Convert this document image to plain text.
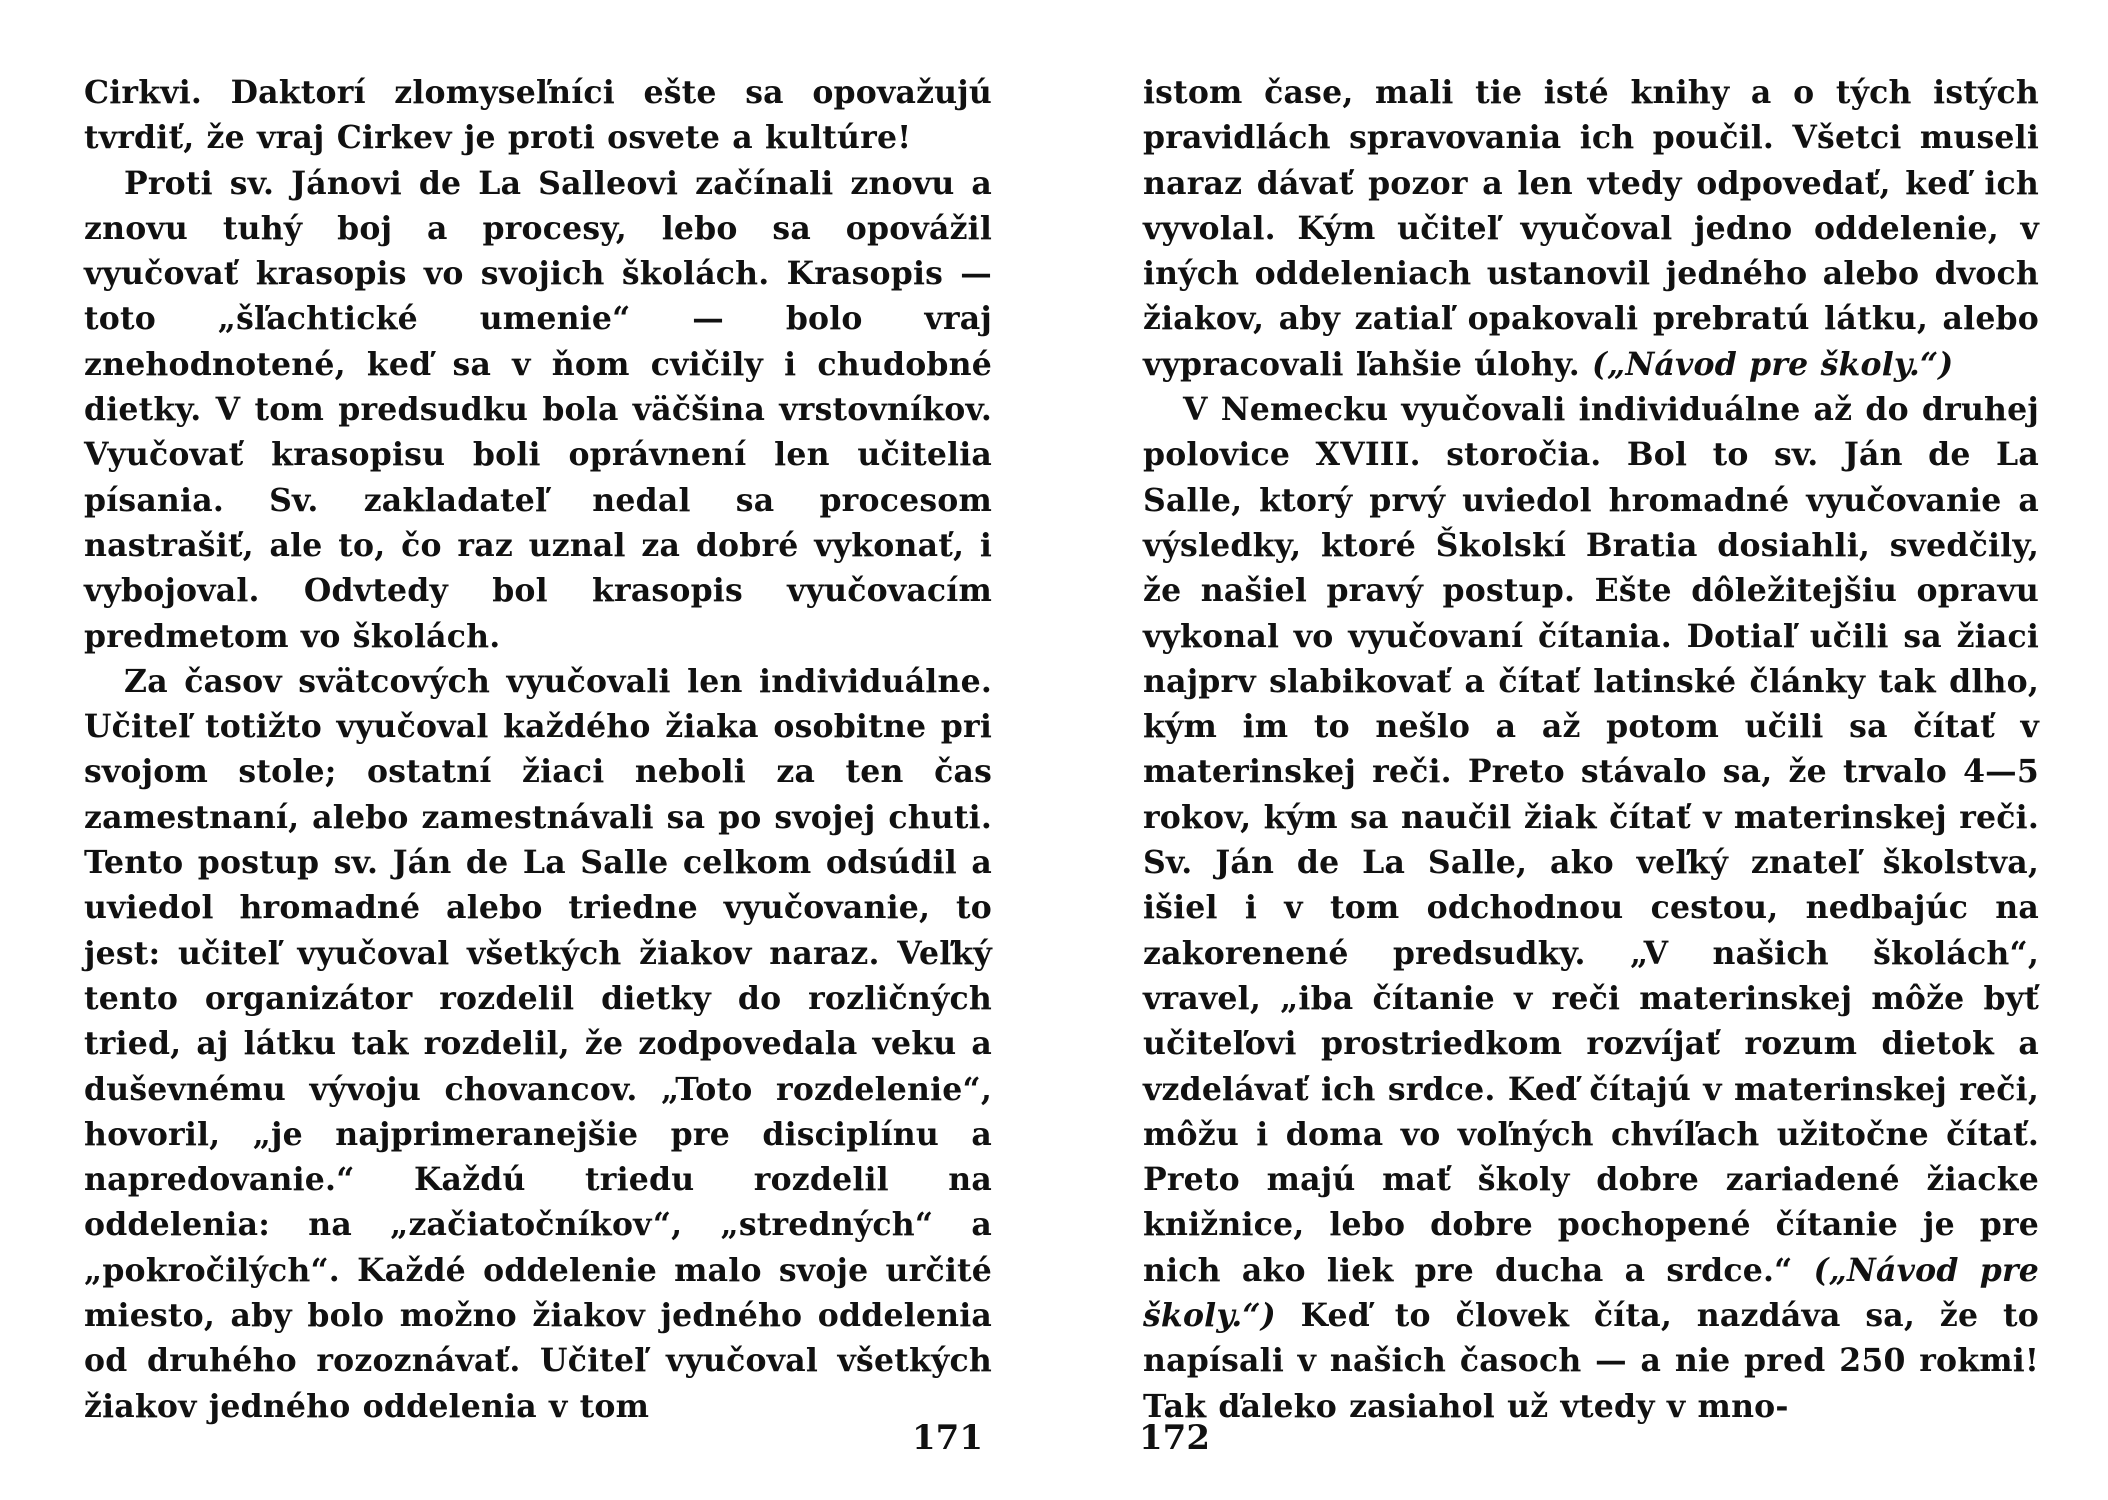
Cirkvi. Daktorí zlomyseľníci ešte sa opovažujú tvrdiť, že vraj Cirkev je proti osvete a kultúre!

Proti sv. Jánovi de La Salleovi začínali znovu a znovu tuhý boj a procesy, lebo sa opovážil vyučovať krasopis vo svojich školách. Krasopis — toto „šľachtické umenie“ — bolo vraj znehodnotené, keď sa v ňom cvičily i chudobné dietky. V tom predsudku bola väčšina vrstovníkov. Vyučovať krasopisu boli oprávnení len učitelia písania. Sv. zakladateľ nedal sa procesom nastrašiť, ale to, čo raz uznal za dobré vykonať, i vybojoval. Odvtedy bol krasopis vyučovacím predmetom vo školách.

Za časov svätcových vyučovali len individuálne. Učiteľ totižto vyučoval každého žiaka osobitne pri svojom stole; ostatní žiaci neboli za ten čas zamestnaní, alebo zamestnávali sa po svojej chuti. Tento postup sv. Ján de La Salle celkom odsúdil a uviedol hromadné alebo triedne vyučovanie, to jest: učiteľ vyučoval všetkých žiakov naraz. Veľký tento organizátor rozdelil dietky do rozličných tried, aj látku tak rozdelil, že zodpovedala veku a duševnému vývoju chovancov. „Toto rozdelenie“, hovoril, „je najprimeranejšie pre disciplínu a napredovanie.“ Každú triedu rozdelil na oddelenia: na „začiatočníkov“, „stredných“ a „pokročilých“. Každé oddelenie malo svoje určité miesto, aby bolo možno žiakov jedného oddelenia od druhého rozoznávať. Učiteľ vyučoval všetkých žiakov jedného oddelenia v tom

istom čase, mali tie isté knihy a o tých istých pravidlách spravovania ich poučil. Všetci museli naraz dávať pozor a len vtedy odpovedať, keď ich vyvolal. Kým učiteľ vyučoval jedno oddelenie, v iných oddeleniach ustanovil jedného alebo dvoch žiakov, aby zatiaľ opakovali prebratú látku, alebo vypracovali ľahšie úlohy. („Návod pre školy.“)

V Nemecku vyučovali individuálne až do druhej polovice XVIII. storočia. Bol to sv. Ján de La Salle, ktorý prvý uviedol hromadné vyučovanie a výsledky, ktoré Školskí Bratia dosiahli, svedčily, že našiel pravý postup. Ešte dôležitejšiu opravu vykonal vo vyučovaní čítania. Dotiaľ učili sa žiaci najprv slabikovať a čítať latinské články tak dlho, kým im to nešlo a až potom učili sa čítať v materinskej reči. Preto stávalo sa, že trvalo 4—5 rokov, kým sa naučil žiak čítať v materinskej reči. Sv. Ján de La Salle, ako veľký znateľ školstva, išiel i v tom odchodnou cestou, nedbajúc na zakorenené predsudky. „V našich školách“, vravel, „iba čítanie v reči materinskej môže byť učiteľovi prostriedkom rozvíjať rozum dietok a vzdelávať ich srdce. Keď čítajú v materinskej reči, môžu i doma vo voľných chvíľach užitočne čítať. Preto majú mať školy dobre zariadené žiacke knižnice, lebo dobre pochopené čítanie je pre nich ako liek pre ducha a srdce.“ („Návod pre školy.“) Keď to človek číta, nazdáva sa, že to napísali v našich časoch — a nie pred 250 rokmi! Tak ďaleko zasiahol už vtedy v mno-

171	172
